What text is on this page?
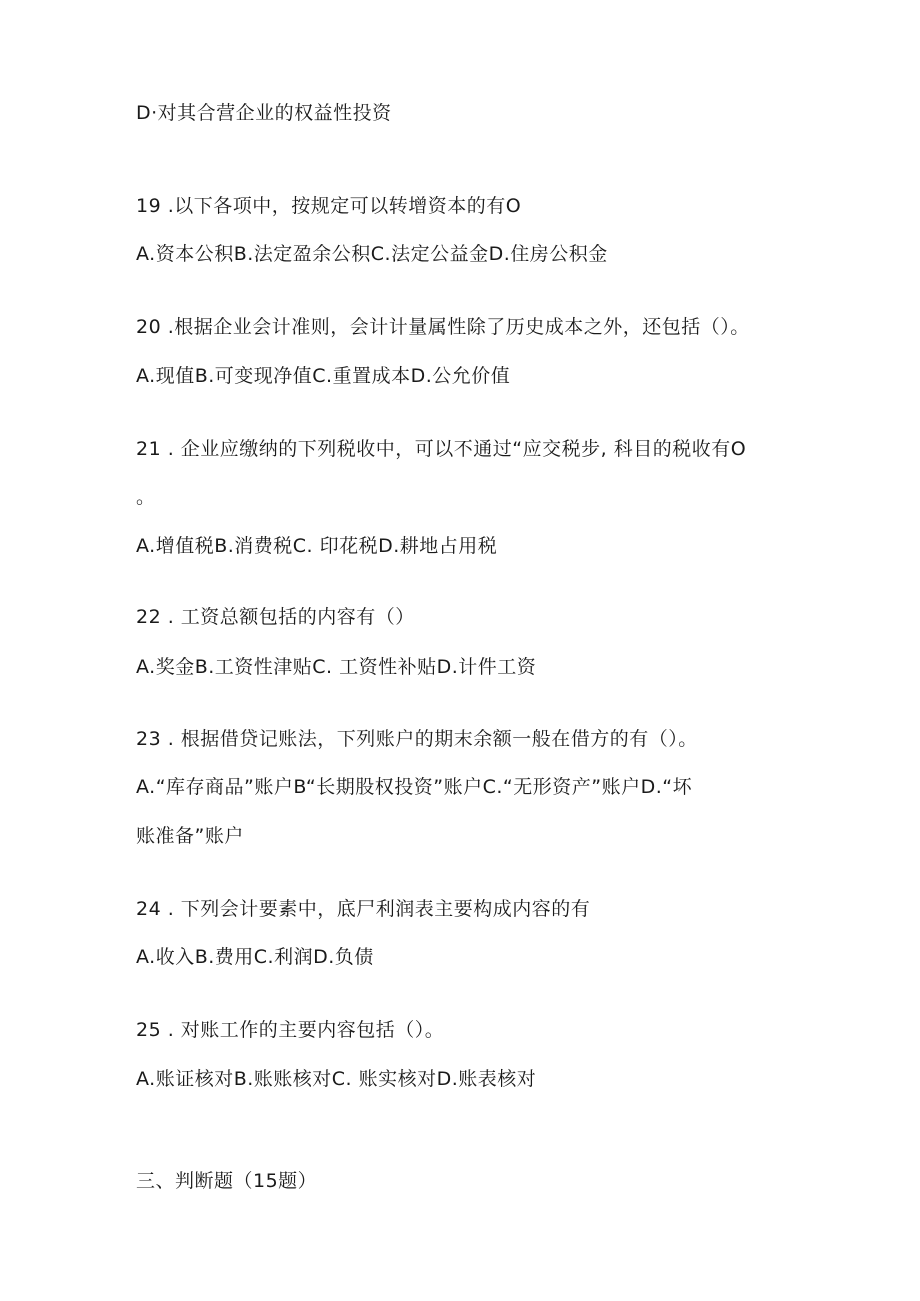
D·对其合营企业的权益性投资
19 .以下各项中，按规定可以转增资本的有O
A.资本公积B.法定盈余公积C.法定公益金D.住房公积金
20 .根据企业会计准则，会计计量属性除了历史成本之外，还包括（）。
A.现值B.可变现净值C.重置成本D.公允价值
21 . 企业应缴纳的下列税收中，可以不通过“应交税步, 科目的税收有O
。
A.增值税B.消费税C. 印花税D.耕地占用税
22 . 工资总额包括的内容有（）
A.奖金B.工资性津贴C. 工资性补贴D.计件工资
23 . 根据借贷记账法，下列账户的期末余额一般在借方的有（）。
A.“库存商品”账户B“长期股权投资”账户C.“无形资产”账户D.“坏
账准备”账户
24 . 下列会计要素中，底尸利润表主要构成内容的有
A.收入B.费用C.利润D.负债
25 . 对账工作的主要内容包括（）。
A.账证核对B.账账核对C. 账实核对D.账表核对
三、判断题（15题）
